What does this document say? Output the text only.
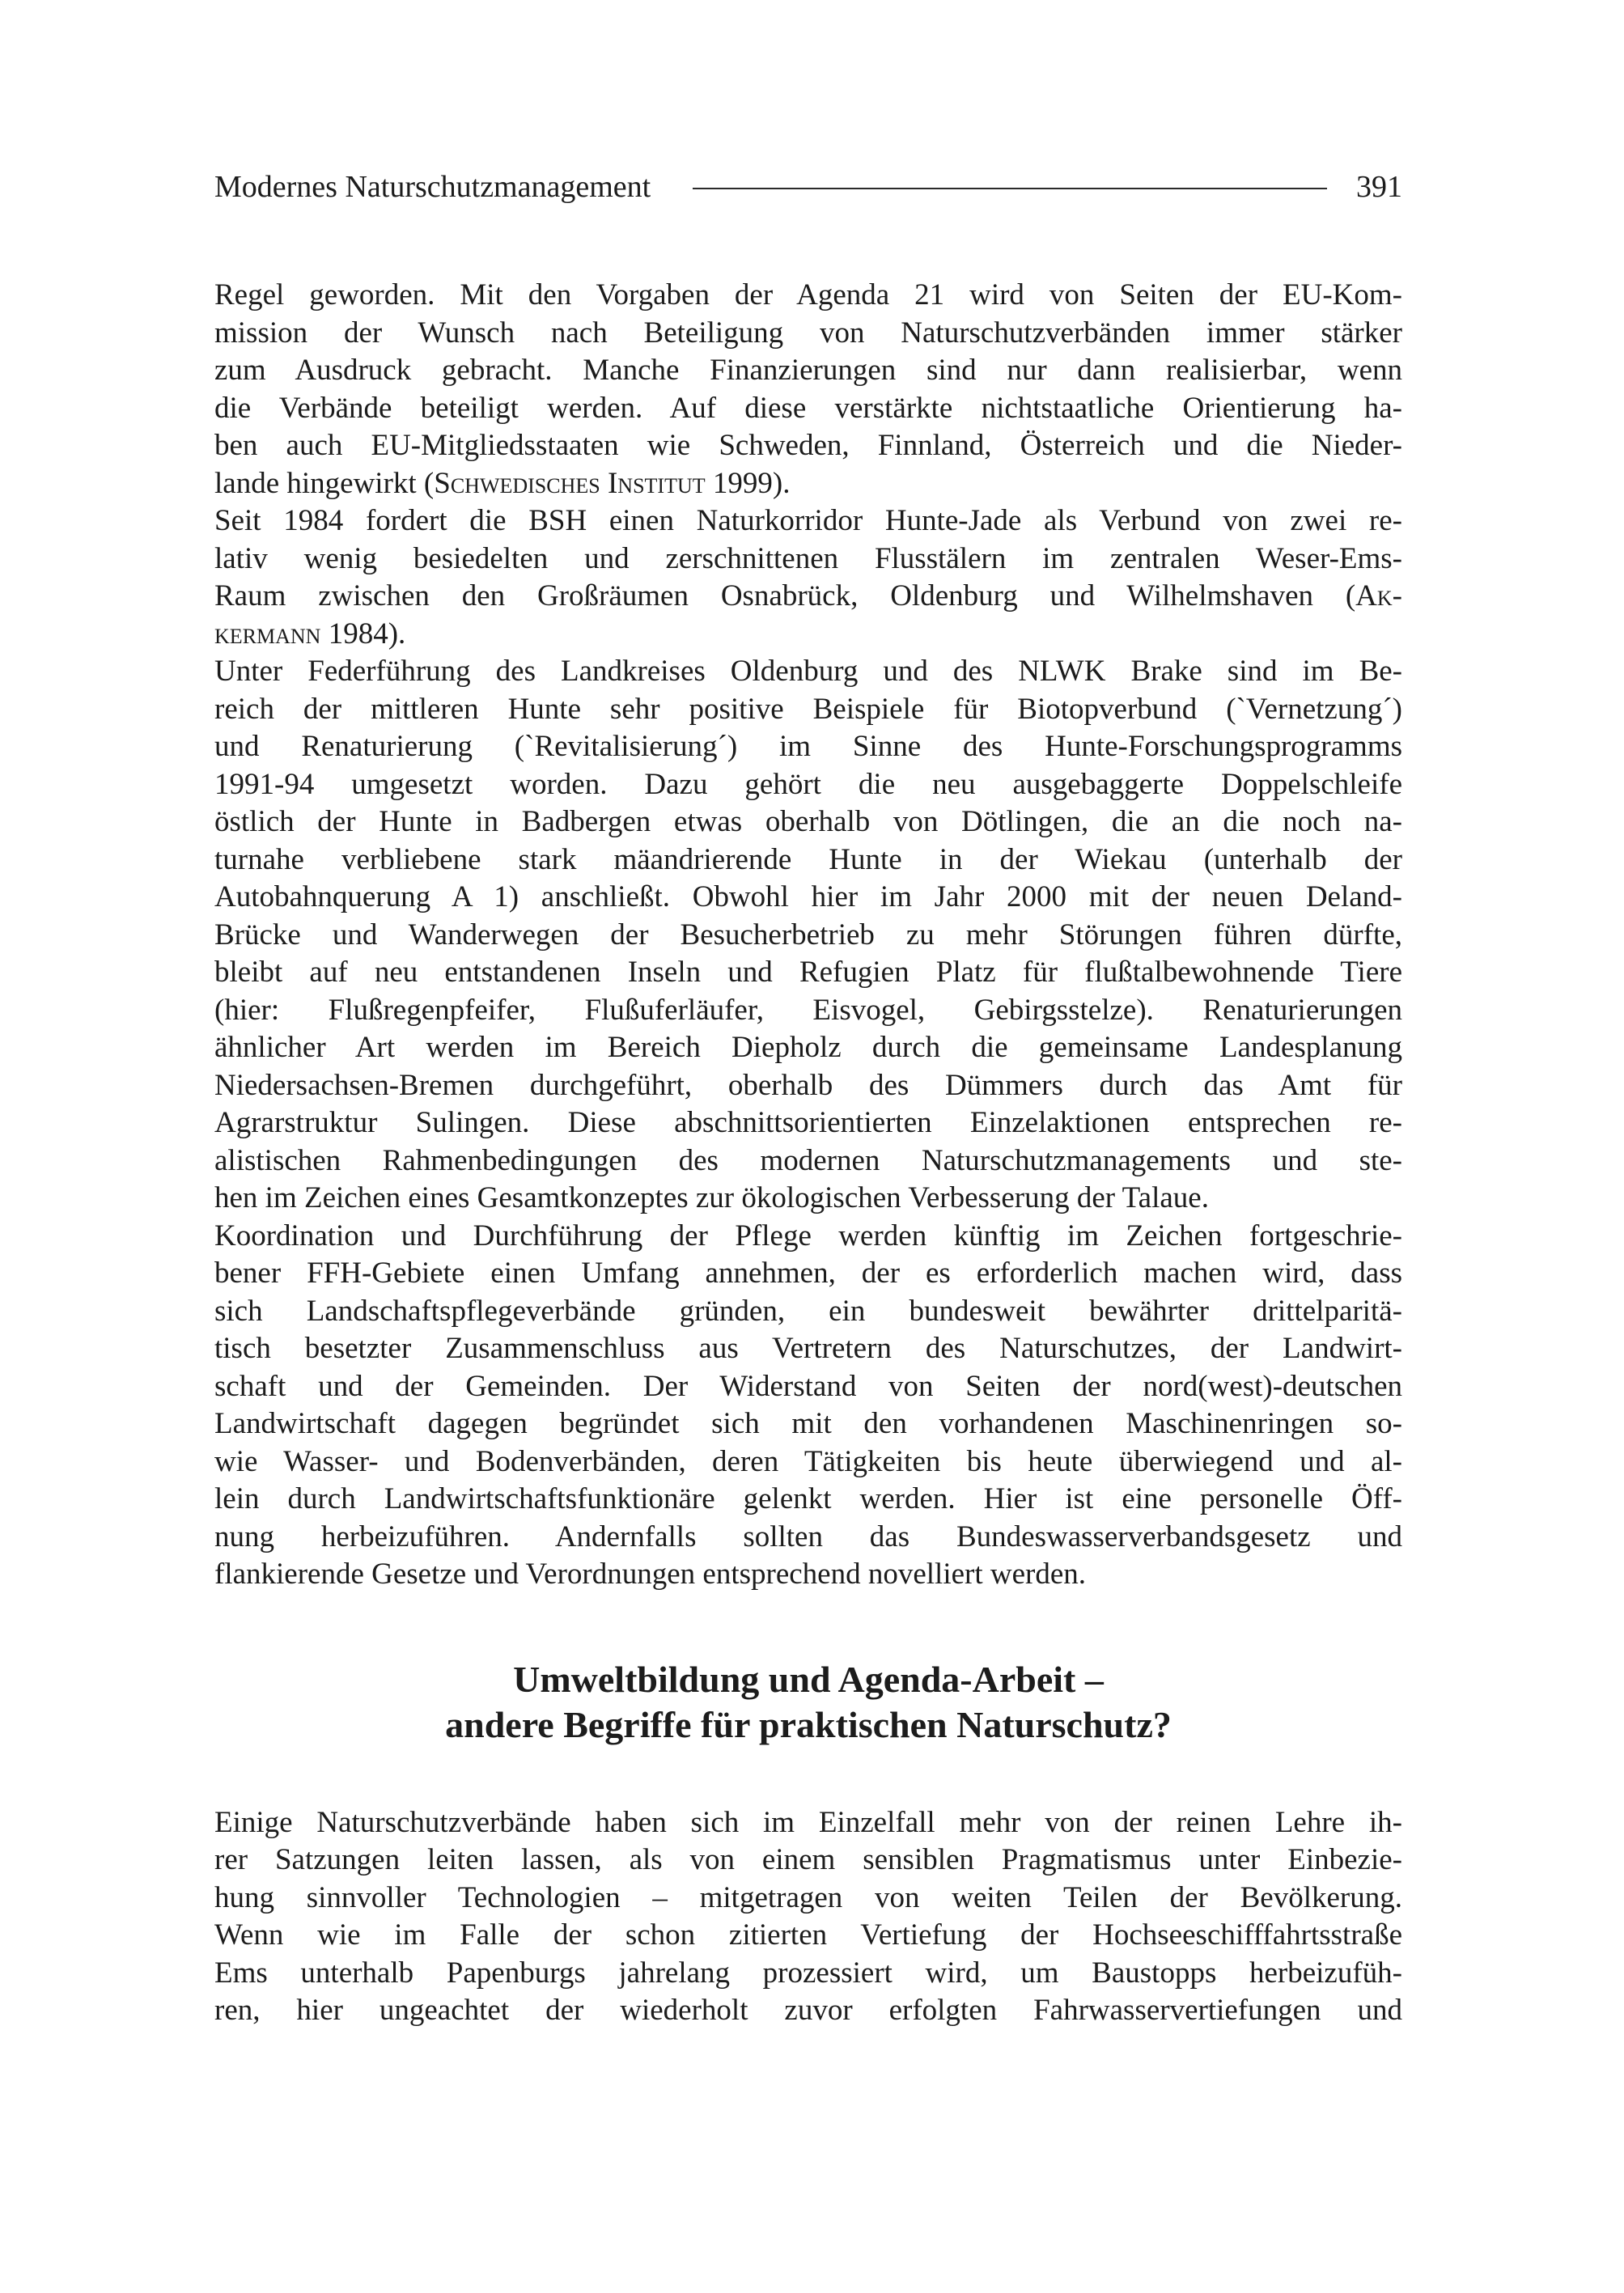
Modernes Naturschutzmanagement	391

Regel geworden. Mit den Vorgaben der Agenda 21 wird von Seiten der EU-Kom-
mission der Wunsch nach Beteiligung von Naturschutzverbänden immer stärker
zum Ausdruck gebracht. Manche Finanzierungen sind nur dann realisierbar, wenn
die Verbände beteiligt werden. Auf diese verstärkte nichtstaatliche Orientierung ha-
ben auch EU-Mitgliedsstaaten wie Schweden, Finnland, Österreich und die Nieder-
lande hingewirkt (Schwedisches Institut 1999).

Seit 1984 fordert die BSH einen Naturkorridor Hunte-Jade als Verbund von zwei re-
lativ wenig besiedelten und zerschnittenen Flusstälern im zentralen Weser-Ems-
Raum zwischen den Großräumen Osnabrück, Oldenburg und Wilhelmshaven (Ak-
kermann 1984).

Unter Federführung des Landkreises Oldenburg und des NLWK Brake sind im Be-
reich der mittleren Hunte sehr positive Beispiele für Biotopverbund (`Vernetzung´)
und Renaturierung (`Revitalisierung´) im Sinne des Hunte-Forschungsprogramms
1991-94 umgesetzt worden. Dazu gehört die neu ausgebaggerte Doppelschleife
östlich der Hunte in Badbergen etwas oberhalb von Dötlingen, die an die noch na-
turnahe verbliebene stark mäandrierende Hunte in der Wiekau (unterhalb der
Autobahnquerung A 1) anschließt. Obwohl hier im Jahr 2000 mit der neuen Deland-
Brücke und Wanderwegen der Besucherbetrieb zu mehr Störungen führen dürfte,
bleibt auf neu entstandenen Inseln und Refugien Platz für flußtalbewohnende Tiere
(hier: Flußregenpfeifer, Flußuferläufer, Eisvogel, Gebirgsstelze). Renaturierungen
ähnlicher Art werden im Bereich Diepholz durch die gemeinsame Landesplanung
Niedersachsen-Bremen durchgeführt, oberhalb des Dümmers durch das Amt für
Agrarstruktur Sulingen. Diese abschnittsorientierten Einzelaktionen entsprechen re-
alistischen Rahmenbedingungen des modernen Naturschutzmanagements und ste-
hen im Zeichen eines Gesamtkonzeptes zur ökologischen Verbesserung der Talaue.

Koordination und Durchführung der Pflege werden künftig im Zeichen fortgeschrie-
bener FFH-Gebiete einen Umfang annehmen, der es erforderlich machen wird, dass
sich Landschaftspflegeverbände gründen, ein bundesweit bewährter drittelparitä-
tisch besetzter Zusammenschluss aus Vertretern des Naturschutzes, der Landwirt-
schaft und der Gemeinden. Der Widerstand von Seiten der nord(west)-deutschen
Landwirtschaft dagegen begründet sich mit den vorhandenen Maschinenringen so-
wie Wasser- und Bodenverbänden, deren Tätigkeiten bis heute überwiegend und al-
lein durch Landwirtschaftsfunktionäre gelenkt werden. Hier ist eine personelle Öff-
nung herbeizuführen. Andernfalls sollten das Bundeswasserverbandsgesetz und
flankierende Gesetze und Verordnungen entsprechend novelliert werden.

Umweltbildung und Agenda-Arbeit –
andere Begriffe für praktischen Naturschutz?

Einige Naturschutzverbände haben sich im Einzelfall mehr von der reinen Lehre ih-
rer Satzungen leiten lassen, als von einem sensiblen Pragmatismus unter Einbezie-
hung sinnvoller Technologien – mitgetragen von weiten Teilen der Bevölkerung.
Wenn wie im Falle der schon zitierten Vertiefung der Hochseeschifffahrtsstraße
Ems unterhalb Papenburgs jahrelang prozessiert wird, um Baustopps herbeizufüh-
ren, hier ungeachtet der wiederholt zuvor erfolgten Fahrwasservertiefungen und
